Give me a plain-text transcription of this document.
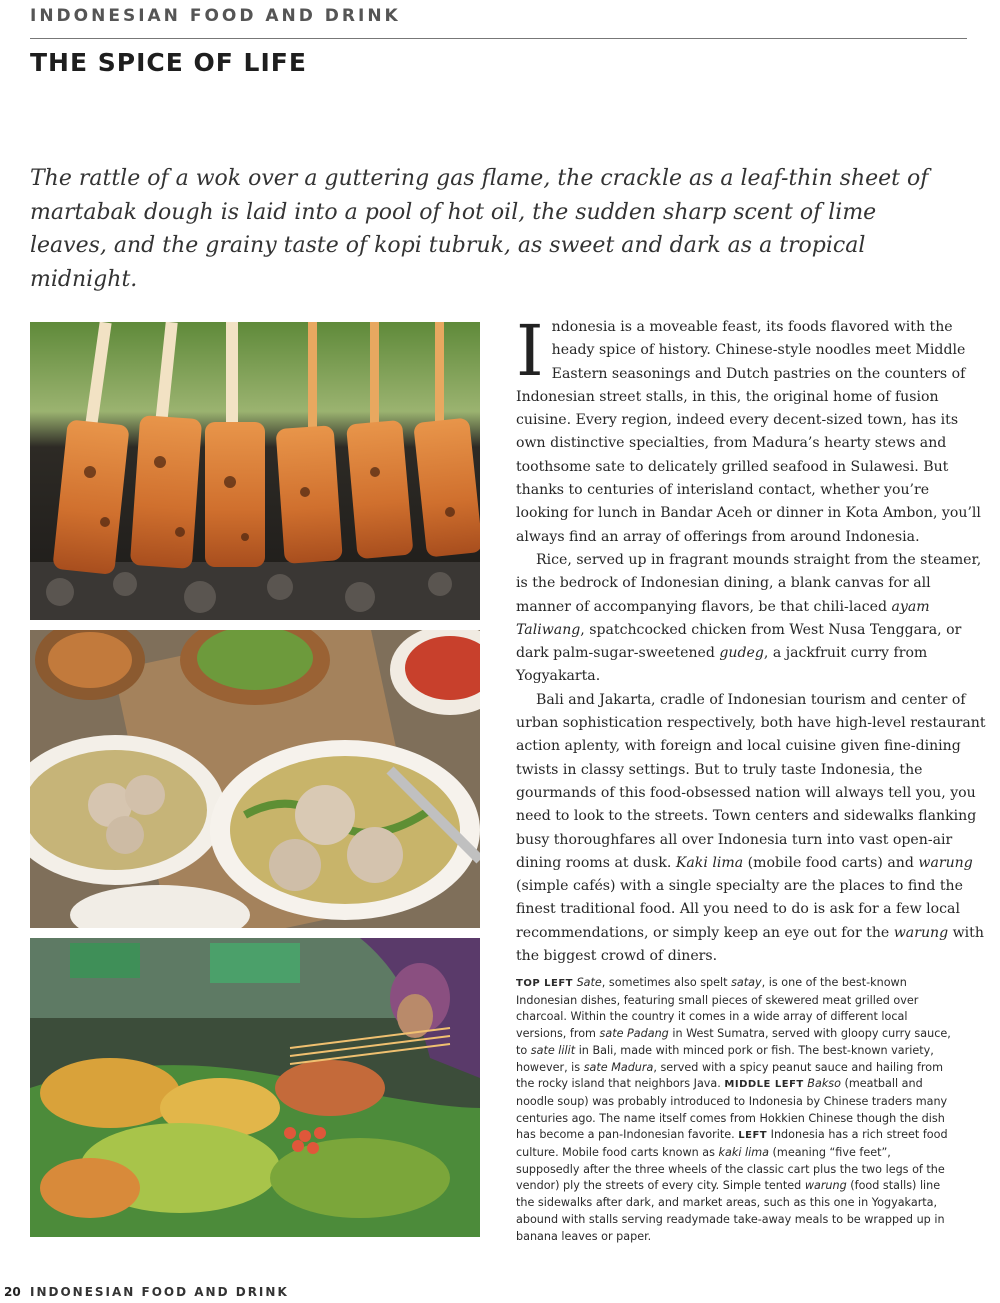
INDONESIAN FOOD AND DRINK
THE SPICE OF LIFE

The rattle of a wok over a guttering gas flame, the crackle as a leaf-thin sheet of martabak dough is laid into a pool of hot oil, the sudden sharp scent of lime leaves, and the grainy taste of kopi tubruk, as sweet and dark as a tropical midnight.

Indonesia is a moveable feast, its foods flavored with the heady spice of history. Chinese-style noodles meet Middle Eastern seasonings and Dutch pastries on the counters of Indonesian street stalls, in this, the original home of fusion cuisine. Every region, indeed every decent-sized town, has its own distinctive specialties, from Madura’s hearty stews and toothsome sate to delicately grilled seafood in Sulawesi. But thanks to centuries of interisland contact, whether you’re looking for lunch in Bandar Aceh or dinner in Kota Ambon, you’ll always find an array of offerings from around Indonesia.

Rice, served up in fragrant mounds straight from the steamer, is the bedrock of Indonesian dining, a blank canvas for all manner of accompanying flavors, be that chili-laced ayam Taliwang, spatchcocked chicken from West Nusa Tenggara, or dark palm-sugar-sweetened gudeg, a jackfruit curry from Yogyakarta.

Bali and Jakarta, cradle of Indonesian tourism and center of urban sophistication respectively, both have high-level restaurant action aplenty, with foreign and local cuisine given fine-dining twists in classy settings. But to truly taste Indonesia, the gourmands of this food-obsessed nation will always tell you, you need to look to the streets. Town centers and sidewalks flanking busy thoroughfares all over Indonesia turn into vast open-air dining rooms at dusk. Kaki lima (mobile food carts) and warung (simple cafés) with a single specialty are the places to find the finest traditional food. All you need to do is ask for a few local recommendations, or simply keep an eye out for the warung with the biggest crowd of diners.

TOP LEFT Sate, sometimes also spelt satay, is one of the best-known Indonesian dishes, featuring small pieces of skewered meat grilled over charcoal. Within the country it comes in a wide array of different local versions, from sate Padang in West Sumatra, served with gloopy curry sauce, to sate lilit in Bali, made with minced pork or fish. The best-known variety, however, is sate Madura, served with a spicy peanut sauce and hailing from the rocky island that neighbors Java. MIDDLE LEFT Bakso (meatball and noodle soup) was probably introduced to Indonesia by Chinese traders many centuries ago. The name itself comes from Hokkien Chinese though the dish has become a pan-Indonesian favorite. LEFT Indonesia has a rich street food culture. Mobile food carts known as kaki lima (meaning “five feet”, supposedly after the three wheels of the classic cart plus the two legs of the vendor) ply the streets of every city. Simple tented warung (food stalls) line the sidewalks after dark, and market areas, such as this one in Yogyakarta, abound with stalls serving readymade take-away meals to be wrapped up in banana leaves or paper.

20 INDONESIAN FOOD AND DRINK
